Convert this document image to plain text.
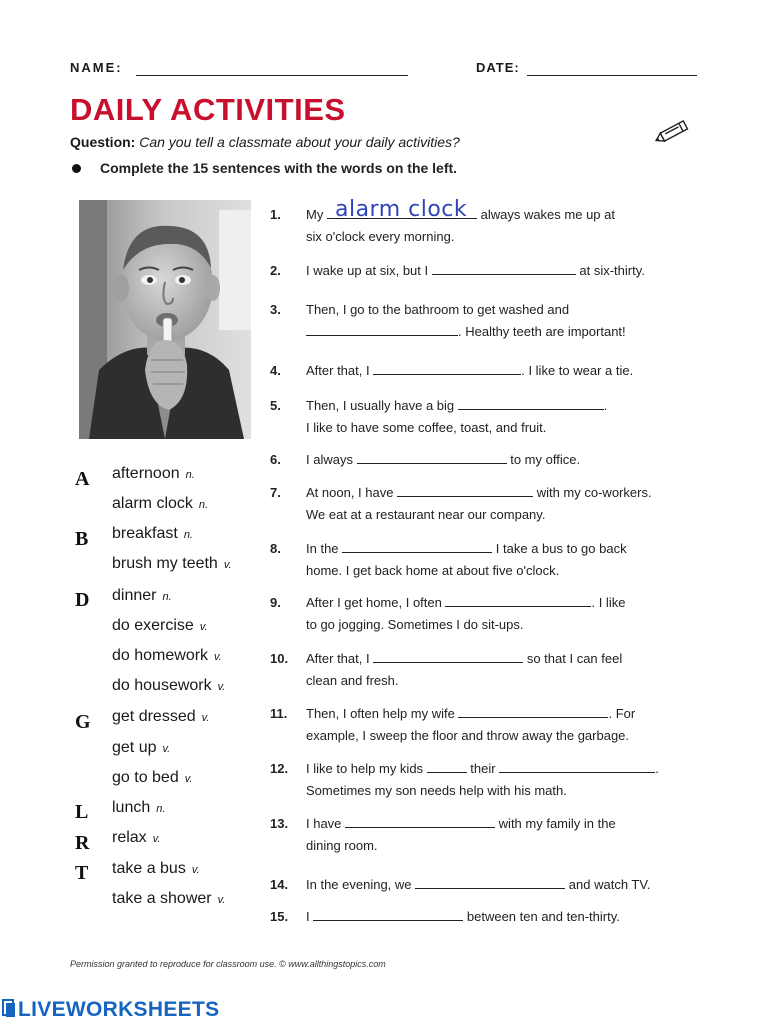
NAME:	DATE:
DAILY ACTIVITIES
Question: Can you tell a classmate about your daily activities?
Complete the 15 sentences with the words on the left.
A afternoon n.
alarm clock n.
B breakfast n.
brush my teeth v.
D dinner n.
do exercise v.
do homework v.
do housework v.
G get dressed v.
get up v.
go to bed v.
L lunch n.
R relax v.
T take a bus v.
take a shower v.
1. My alarm clock always wakes me up at
six o'clock every morning.
2. I wake up at six, but I	at six-thirty.
3. Then, I go to the bathroom to get washed and
. Healthy teeth are important!
4. After that, I	. I like to wear a tie.
5. Then, I usually have a big	.
I like to have some coffee, toast, and fruit.
6. I always	to my office.
7. At noon, I have	with my co-workers.
We eat at a restaurant near our company.
8. In the	I take a bus to go back
home. I get back home at about five o'clock.
9. After I get home, I often	. I like
to go jogging. Sometimes I do sit-ups.
10. After that, I	so that I can feel
clean and fresh.
11. Then, I often help my wife	. For
example, I sweep the floor and throw away the garbage.
12. I like to help my kids	their	.
Sometimes my son needs help with his math.
13. I have	with my family in the
dining room.
14. In the evening, we	and watch TV.
15. I	between ten and ten-thirty.
Permission granted to reproduce for classroom use. © www.allthingstopics.com
LIVEWORKSHEETS
